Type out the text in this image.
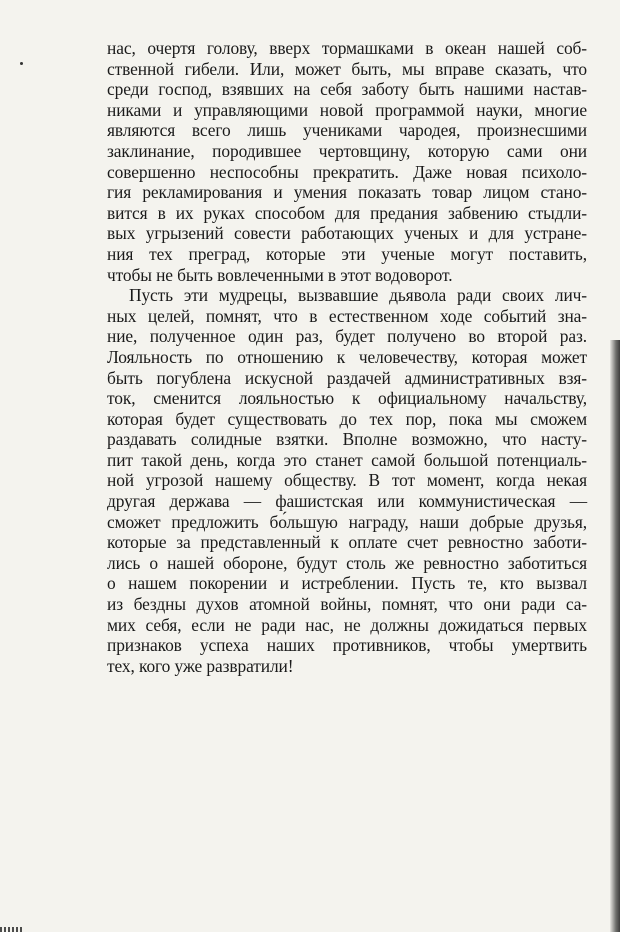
нас, очертя голову, вверх тормашками в океан нашей соб-
ственной гибели. Или, может быть, мы вправе сказать, что
среди господ, взявших на себя заботу быть нашими настав-
никами и управляющими новой программой науки, многие
являются всего лишь учениками чародея, произнесшими
заклинание, породившее чертовщину, которую сами они
совершенно неспособны прекратить. Даже новая психоло-
гия рекламирования и умения показать товар лицом стано-
вится в их руках способом для предания забвению стыдли-
вых угрызений совести работающих ученых и для устране-
ния тех преград, которые эти ученые могут поставить,
чтобы не быть вовлеченными в этот водоворот.
Пусть эти мудрецы, вызвавшие дьявола ради своих лич-
ных целей, помнят, что в естественном ходе событий зна-
ние, полученное один раз, будет получено во второй раз.
Лояльность по отношению к человечеству, которая может
быть погублена искусной раздачей административных взя-
ток, сменится лояльностью к официальному начальству,
которая будет существовать до тех пор, пока мы сможем
раздавать солидные взятки. Вполне возможно, что насту-
пит такой день, когда это станет самой большой потенциаль-
ной угрозой нашему обществу. В тот момент, когда некая
другая держава — фашистская или коммунистическая —
сможет предложить бо́льшую награду, наши добрые друзья,
которые за представленный к оплате счет ревностно заботи-
лись о нашей обороне, будут столь же ревностно заботиться
о нашем покорении и истреблении. Пусть те, кто вызвал
из бездны духов атомной войны, помнят, что они ради са-
мих себя, если не ради нас, не должны дожидаться первых
признаков успеха наших противников, чтобы умертвить
тех, кого уже развратили!
